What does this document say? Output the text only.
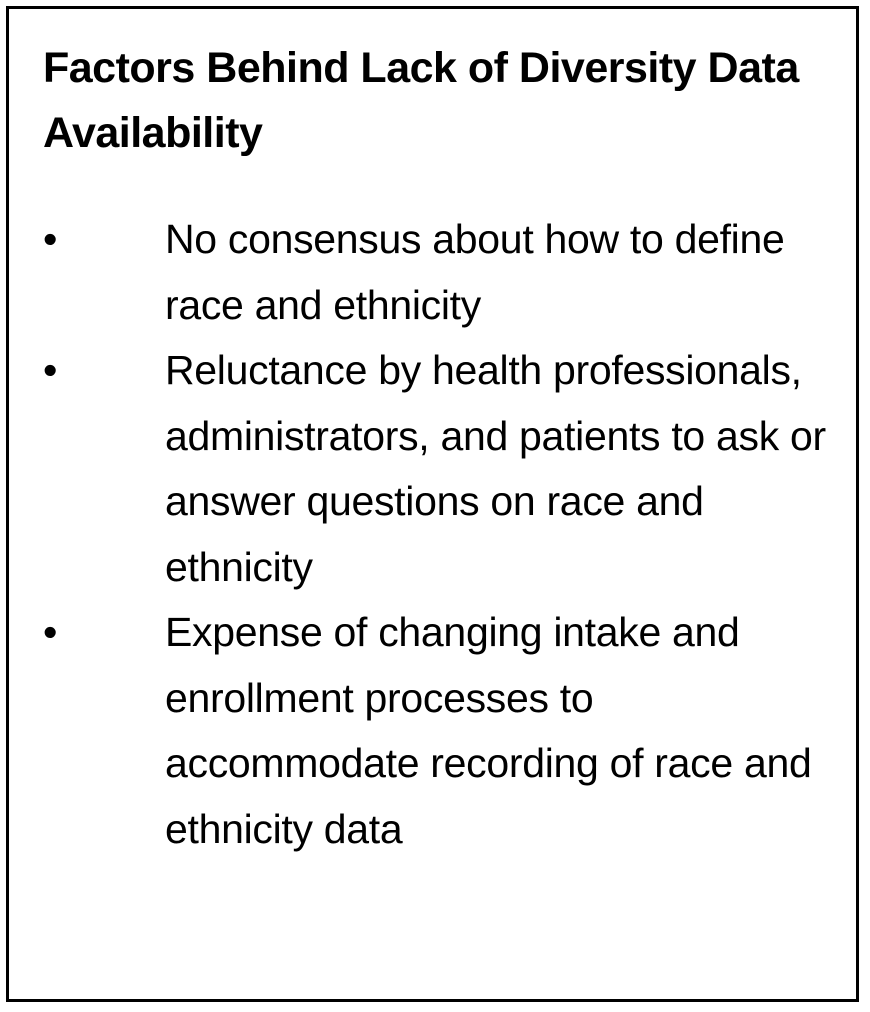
Factors Behind Lack of Diversity Data Availability
•	No consensus about how to define race and ethnicity
•	Reluctance by health professionals, administrators, and patients to ask or answer questions on race and ethnicity
•	Expense of changing intake and enrollment processes to accommodate recording of race and ethnicity data
